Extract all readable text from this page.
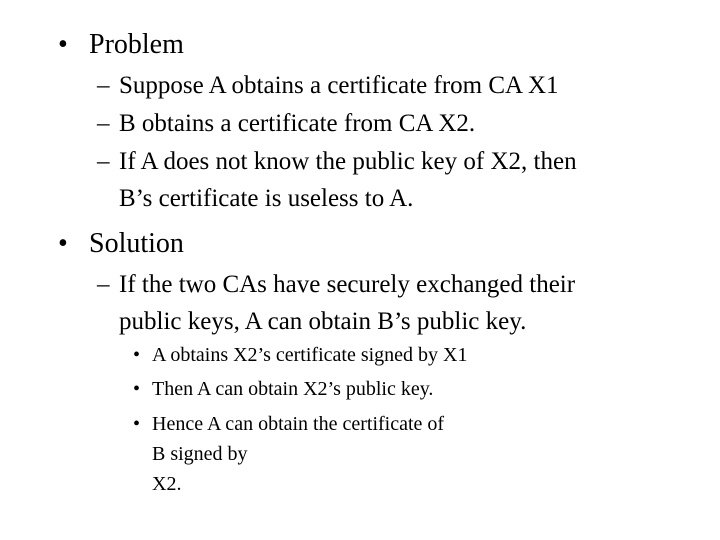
• Problem
– Suppose A obtains a certificate from CA X1
– B obtains a certificate from CA X2.
– If A does not know the public key of X2, then
B’s certificate is useless to A.
• Solution
– If the two CAs have securely exchanged their
public keys, A can obtain B’s public key.
• A obtains X2’s certificate signed by X1
• Then A can obtain X2’s public key.
• Hence A can obtain the certificate of
B signed by
X2.
